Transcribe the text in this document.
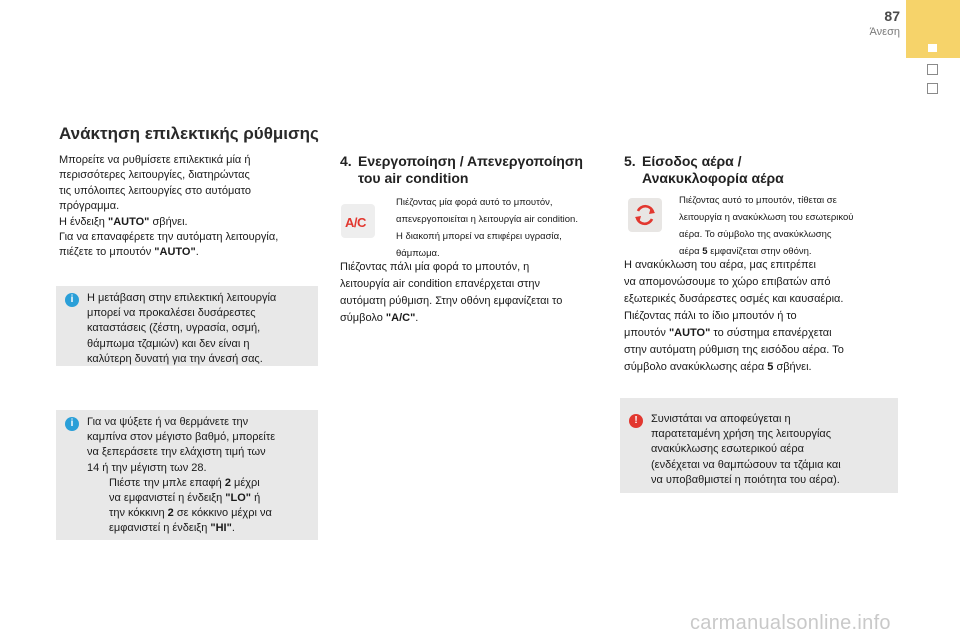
87
Άνεση
Ανάκτηση επιλεκτικής ρύθμισης
Μπορείτε να ρυθμίσετε επιλεκτικά μία ή
περισσότερες λειτουργίες, διατηρώντας
τις υπόλοιπες λειτουργίες στο αυτόματο
πρόγραμμα.
Η ένδειξη "AUTO" σβήνει.
Για να επαναφέρετε την αυτόματη λειτουργία,
πιέζετε το μπουτόν "AUTO".
i	Η μετάβαση στην επιλεκτική λειτουργία
μπορεί να προκαλέσει δυσάρεστες
καταστάσεις (ζέστη, υγρασία, οσμή,
θάμπωμα τζαμιών) και δεν είναι η
καλύτερη δυνατή για την άνεσή σας.
i	Για να ψύξετε ή να θερμάνετε την
καμπίνα στον μέγιστο βαθμό, μπορείτε
να ξεπεράσετε την ελάχιστη τιμή των
14 ή την μέγιστη των 28.
Πιέστε την μπλε επαφή 2 μέχρι
να εμφανιστεί η ένδειξη "LO" ή
την κόκκινη 2 σε κόκκινο μέχρι να
εμφανιστεί η ένδειξη "HI".
4. Ενεργοποίηση / Απενεργοποίηση
του air condition
A/C
Πιέζοντας μία φορά αυτό το μπουτόν,
απενεργοποιείται η λειτουργία air condition.
Η διακοπή μπορεί να επιφέρει υγρασία,
θάμπωμα.
Πιέζοντας πάλι μία φορά το μπουτόν, η
λειτουργία air condition επανέρχεται στην
αυτόματη ρύθμιση. Στην οθόνη εμφανίζεται το
σύμβολο "A/C".
5. Είσοδος αέρα /
Ανακυκλοφορία αέρα
Πιέζοντας αυτό το μπουτόν, τίθεται σε
λειτουργία η ανακύκλωση του εσωτερικού
αέρα. Το σύμβολο της ανακύκλωσης
αέρα 5 εμφανίζεται στην οθόνη.
Η ανακύκλωση του αέρα, μας επιτρέπει
να απομονώσουμε το χώρο επιβατών από
εξωτερικές δυσάρεστες οσμές και καυσαέρια.
Πιέζοντας πάλι το ίδιο μπουτόν ή το
μπουτόν "AUTO" το σύστημα επανέρχεται
στην αυτόματη ρύθμιση της εισόδου αέρα. Το
σύμβολο ανακύκλωσης αέρα 5 σβήνει.
!	Συνιστάται να αποφεύγεται η
παρατεταμένη χρήση της λειτουργίας
ανακύκλωσης εσωτερικού αέρα
(ενδέχεται να θαμπώσουν τα τζάμια και
να υποβαθμιστεί η ποιότητα του αέρα).
carmanualsonline.info
